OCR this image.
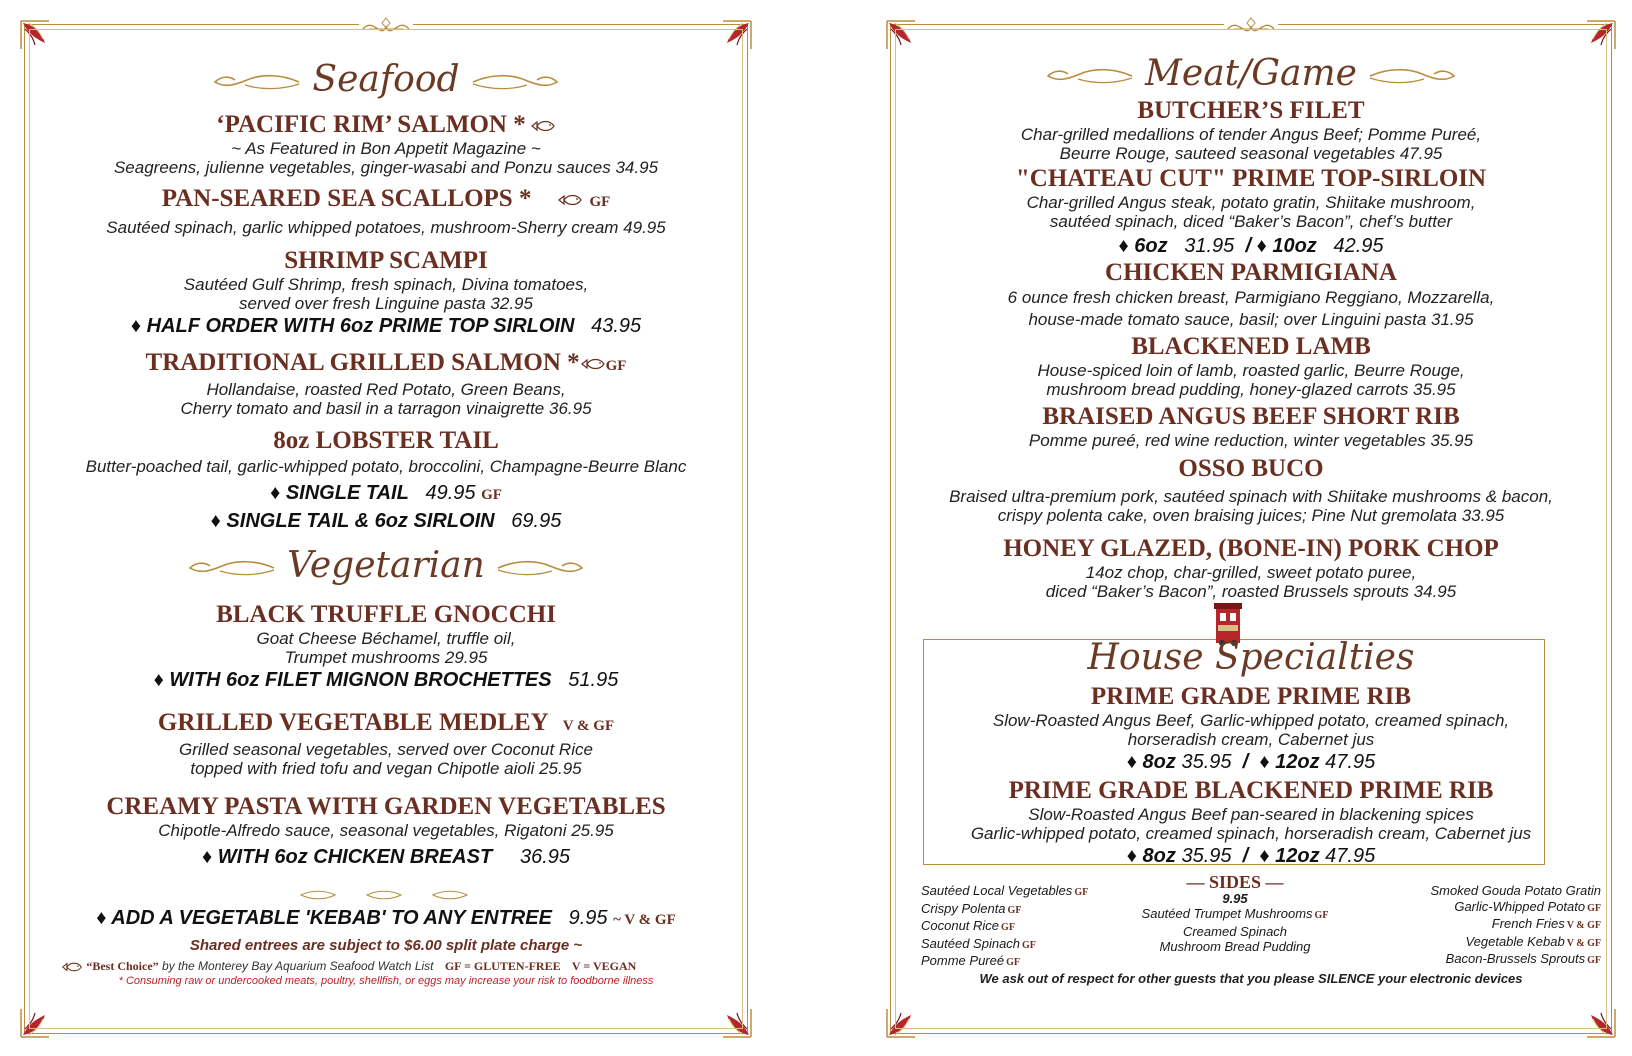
Seafood
‘PACIFIC RIM’ SALMON *
~ As Featured in Bon Appetit Magazine ~
Seagreens, julienne vegetables, ginger-wasabi and Ponzu sauces 34.95
PAN-SEARED SEA SCALLOPS *	GF
Sautéed spinach, garlic whipped potatoes, mushroom-Sherry cream 49.95
SHRIMP SCAMPI
Sautéed Gulf Shrimp, fresh spinach, Divina tomatoes,
served over fresh Linguine pasta 32.95
♦ HALF ORDER WITH 6oz PRIME TOP SIRLOIN 43.95
TRADITIONAL GRILLED SALMON * GF
Hollandaise, roasted Red Potato, Green Beans,
Cherry tomato and basil in a tarragon vinaigrette 36.95
8oz LOBSTER TAIL
Butter-poached tail, garlic-whipped potato, broccolini, Champagne-Beurre Blanc
♦ SINGLE TAIL 49.95 GF
♦ SINGLE TAIL & 6oz SIRLOIN 69.95
Vegetarian
BLACK TRUFFLE GNOCCHI
Goat Cheese Béchamel, truffle oil,
Trumpet mushrooms 29.95
♦ WITH 6oz FILET MIGNON BROCHETTES 51.95
GRILLED VEGETABLE MEDLEY V & GF
Grilled seasonal vegetables, served over Coconut Rice
topped with fried tofu and vegan Chipotle aioli 25.95
CREAMY PASTA WITH GARDEN VEGETABLES
Chipotle-Alfredo sauce, seasonal vegetables, Rigatoni 25.95
♦ WITH 6oz CHICKEN BREAST 36.95
♦ ADD A VEGETABLE 'KEBAB' TO ANY ENTREE 9.95 ~ V & GF
Shared entrees are subject to $6.00 split plate charge ~
“Best Choice” by the Monterey Bay Aquarium Seafood Watch List GF = GLUTEN-FREE V = VEGAN
* Consuming raw or undercooked meats, poultry, shellfish, or eggs may increase your risk to foodborne illness
Meat/Game
BUTCHER’S FILET
Char-grilled medallions of tender Angus Beef; Pomme Pureé,
Beurre Rouge, sauteed seasonal vegetables 47.95
"CHATEAU CUT" PRIME TOP-SIRLOIN
Char-grilled Angus steak, potato gratin, Shiitake mushroom,
sautéed spinach, diced “Baker’s Bacon”, chef’s butter
♦ 6oz 31.95 / ♦ 10oz 42.95
CHICKEN PARMIGIANA
6 ounce fresh chicken breast, Parmigiano Reggiano, Mozzarella,
house-made tomato sauce, basil; over Linguini pasta 31.95
BLACKENED LAMB
House-spiced loin of lamb, roasted garlic, Beurre Rouge,
mushroom bread pudding, honey-glazed carrots 35.95
BRAISED ANGUS BEEF SHORT RIB
Pomme pureé, red wine reduction, winter vegetables 35.95
OSSO BUCO
Braised ultra-premium pork, sautéed spinach with Shiitake mushrooms & bacon,
crispy polenta cake, oven braising juices; Pine Nut gremolata 33.95
HONEY GLAZED, (BONE-IN) PORK CHOP
14oz chop, char-grilled, sweet potato puree,
diced “Baker’s Bacon”, roasted Brussels sprouts 34.95
House Specialties
PRIME GRADE PRIME RIB
Slow-Roasted Angus Beef, Garlic-whipped potato, creamed spinach,
horseradish cream, Cabernet jus
♦ 8oz 35.95 / ♦ 12oz 47.95
PRIME GRADE BLACKENED PRIME RIB
Slow-Roasted Angus Beef pan-seared in blackening spices
Garlic-whipped potato, creamed spinach, horseradish cream, Cabernet jus
♦ 8oz 35.95 / ♦ 12oz 47.95
Sautéed Local Vegetables GF
Crispy Polenta GF
Coconut Rice GF
Sautéed Spinach GF
Pomme Pureé GF
— SIDES —
9.95
Sautéed Trumpet Mushrooms GF
Creamed Spinach
Mushroom Bread Pudding
Smoked Gouda Potato Gratin
Garlic-Whipped Potato GF
French Fries V & GF
Vegetable Kebab V & GF
Bacon-Brussels Sprouts GF
We ask out of respect for other guests that you please SILENCE your electronic devices
